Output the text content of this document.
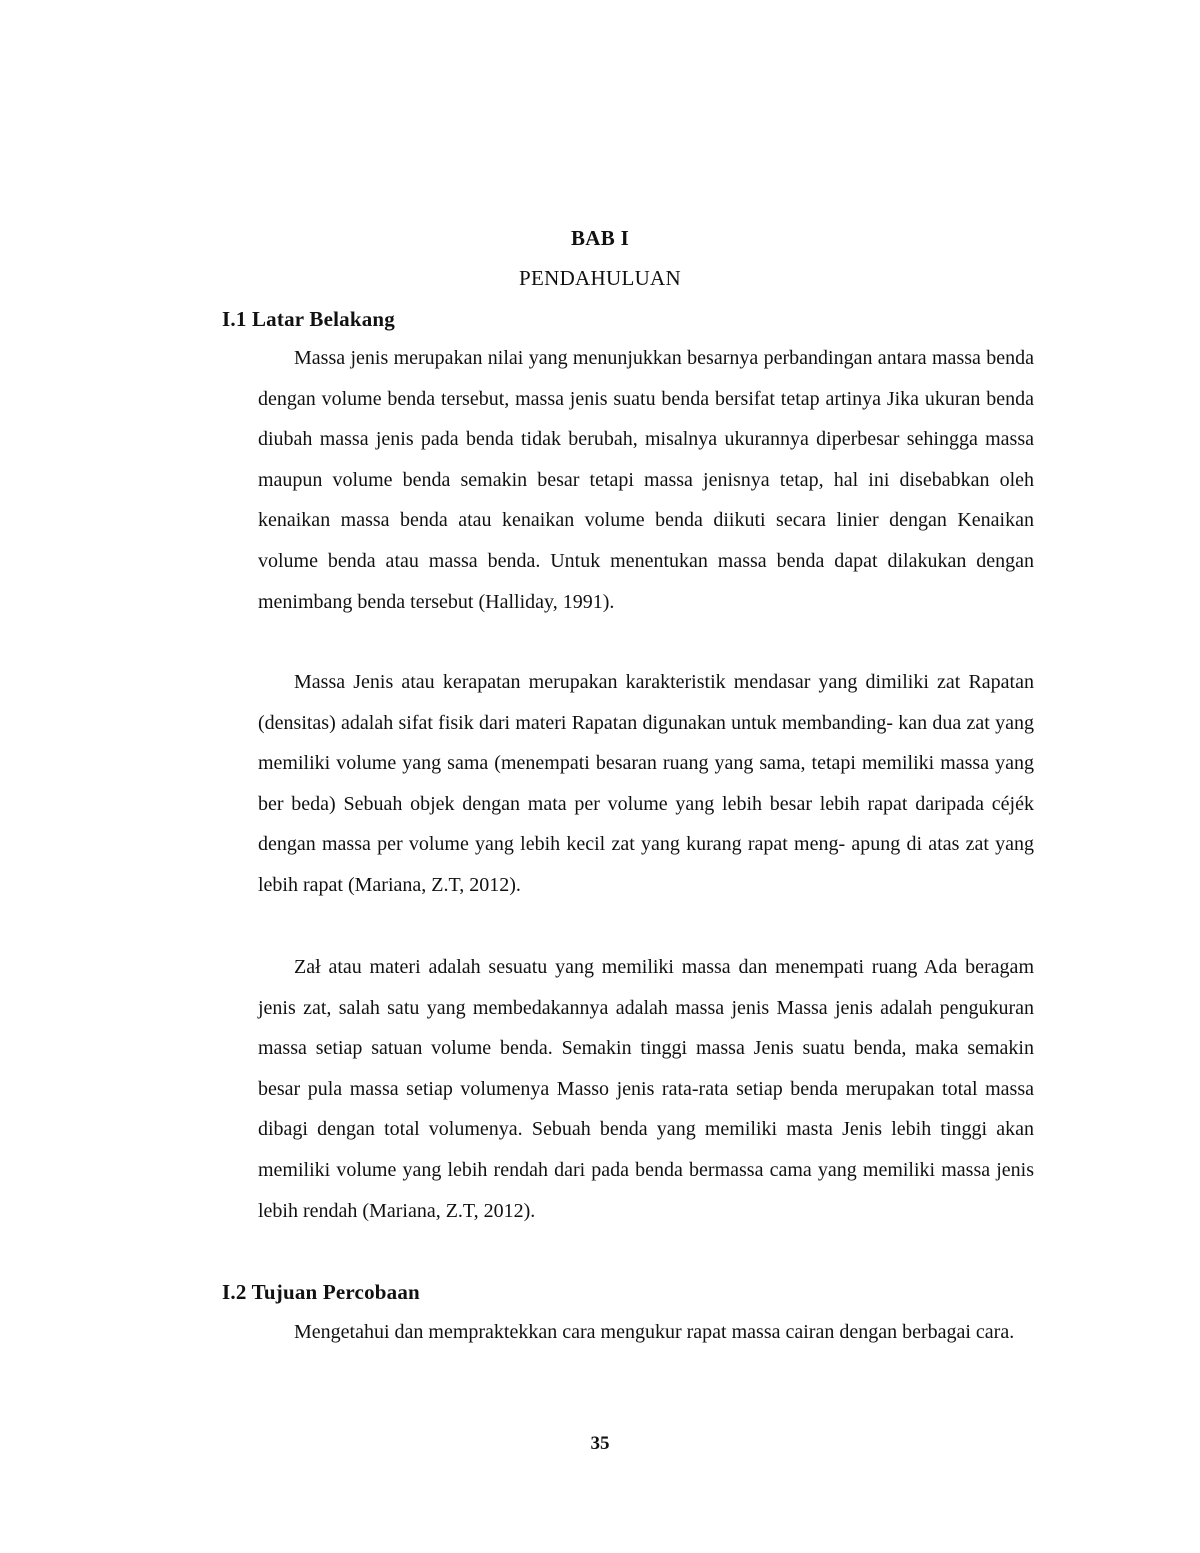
BAB I
PENDAHULUAN
I.1 Latar Belakang

Massa jenis merupakan nilai yang menunjukkan besarnya perbandingan antara massa benda dengan volume benda tersebut, massa jenis suatu benda bersifat tetap artinya Jika ukuran benda diubah massa jenis pada benda tidak berubah, misalnya ukurannya diperbesar sehingga massa maupun volume benda semakin besar tetapi massa jenisnya tetap, hal ini disebabkan oleh kenaikan massa benda atau kenaikan volume benda diikuti secara linier dengan Kenaikan volume benda atau massa benda. Untuk menentukan massa benda dapat dilakukan dengan menimbang benda tersebut (Halliday, 1991).

Massa Jenis atau kerapatan merupakan karakteristik mendasar yang dimiliki zat Rapatan (densitas) adalah sifat fisik dari materi Rapatan digunakan untuk membanding- kan dua zat yang memiliki volume yang sama (menempati besaran ruang yang sama, tetapi memiliki massa yang ber beda) Sebuah objek dengan mata per volume yang lebih besar lebih rapat daripada céjék dengan massa per volume yang lebih kecil zat yang kurang rapat meng- apung di atas zat yang lebih rapat (Mariana, Z.T, 2012).

Zał atau materi adalah sesuatu yang memiliki massa dan menempati ruang Ada beragam jenis zat, salah satu yang membedakannya adalah massa jenis Massa jenis adalah pengukuran massa setiap satuan volume benda. Semakin tinggi massa Jenis suatu benda, maka semakin besar pula massa setiap volumenya Masso jenis rata-rata setiap benda merupakan total massa dibagi dengan total volumenya. Sebuah benda yang memiliki masta Jenis lebih tinggi akan memiliki volume yang lebih rendah dari pada benda bermassa cama yang memiliki massa jenis lebih rendah (Mariana, Z.T, 2012).

I.2 Tujuan Percobaan

Mengetahui dan mempraktekkan cara mengukur rapat massa cairan dengan berbagai cara.

35
